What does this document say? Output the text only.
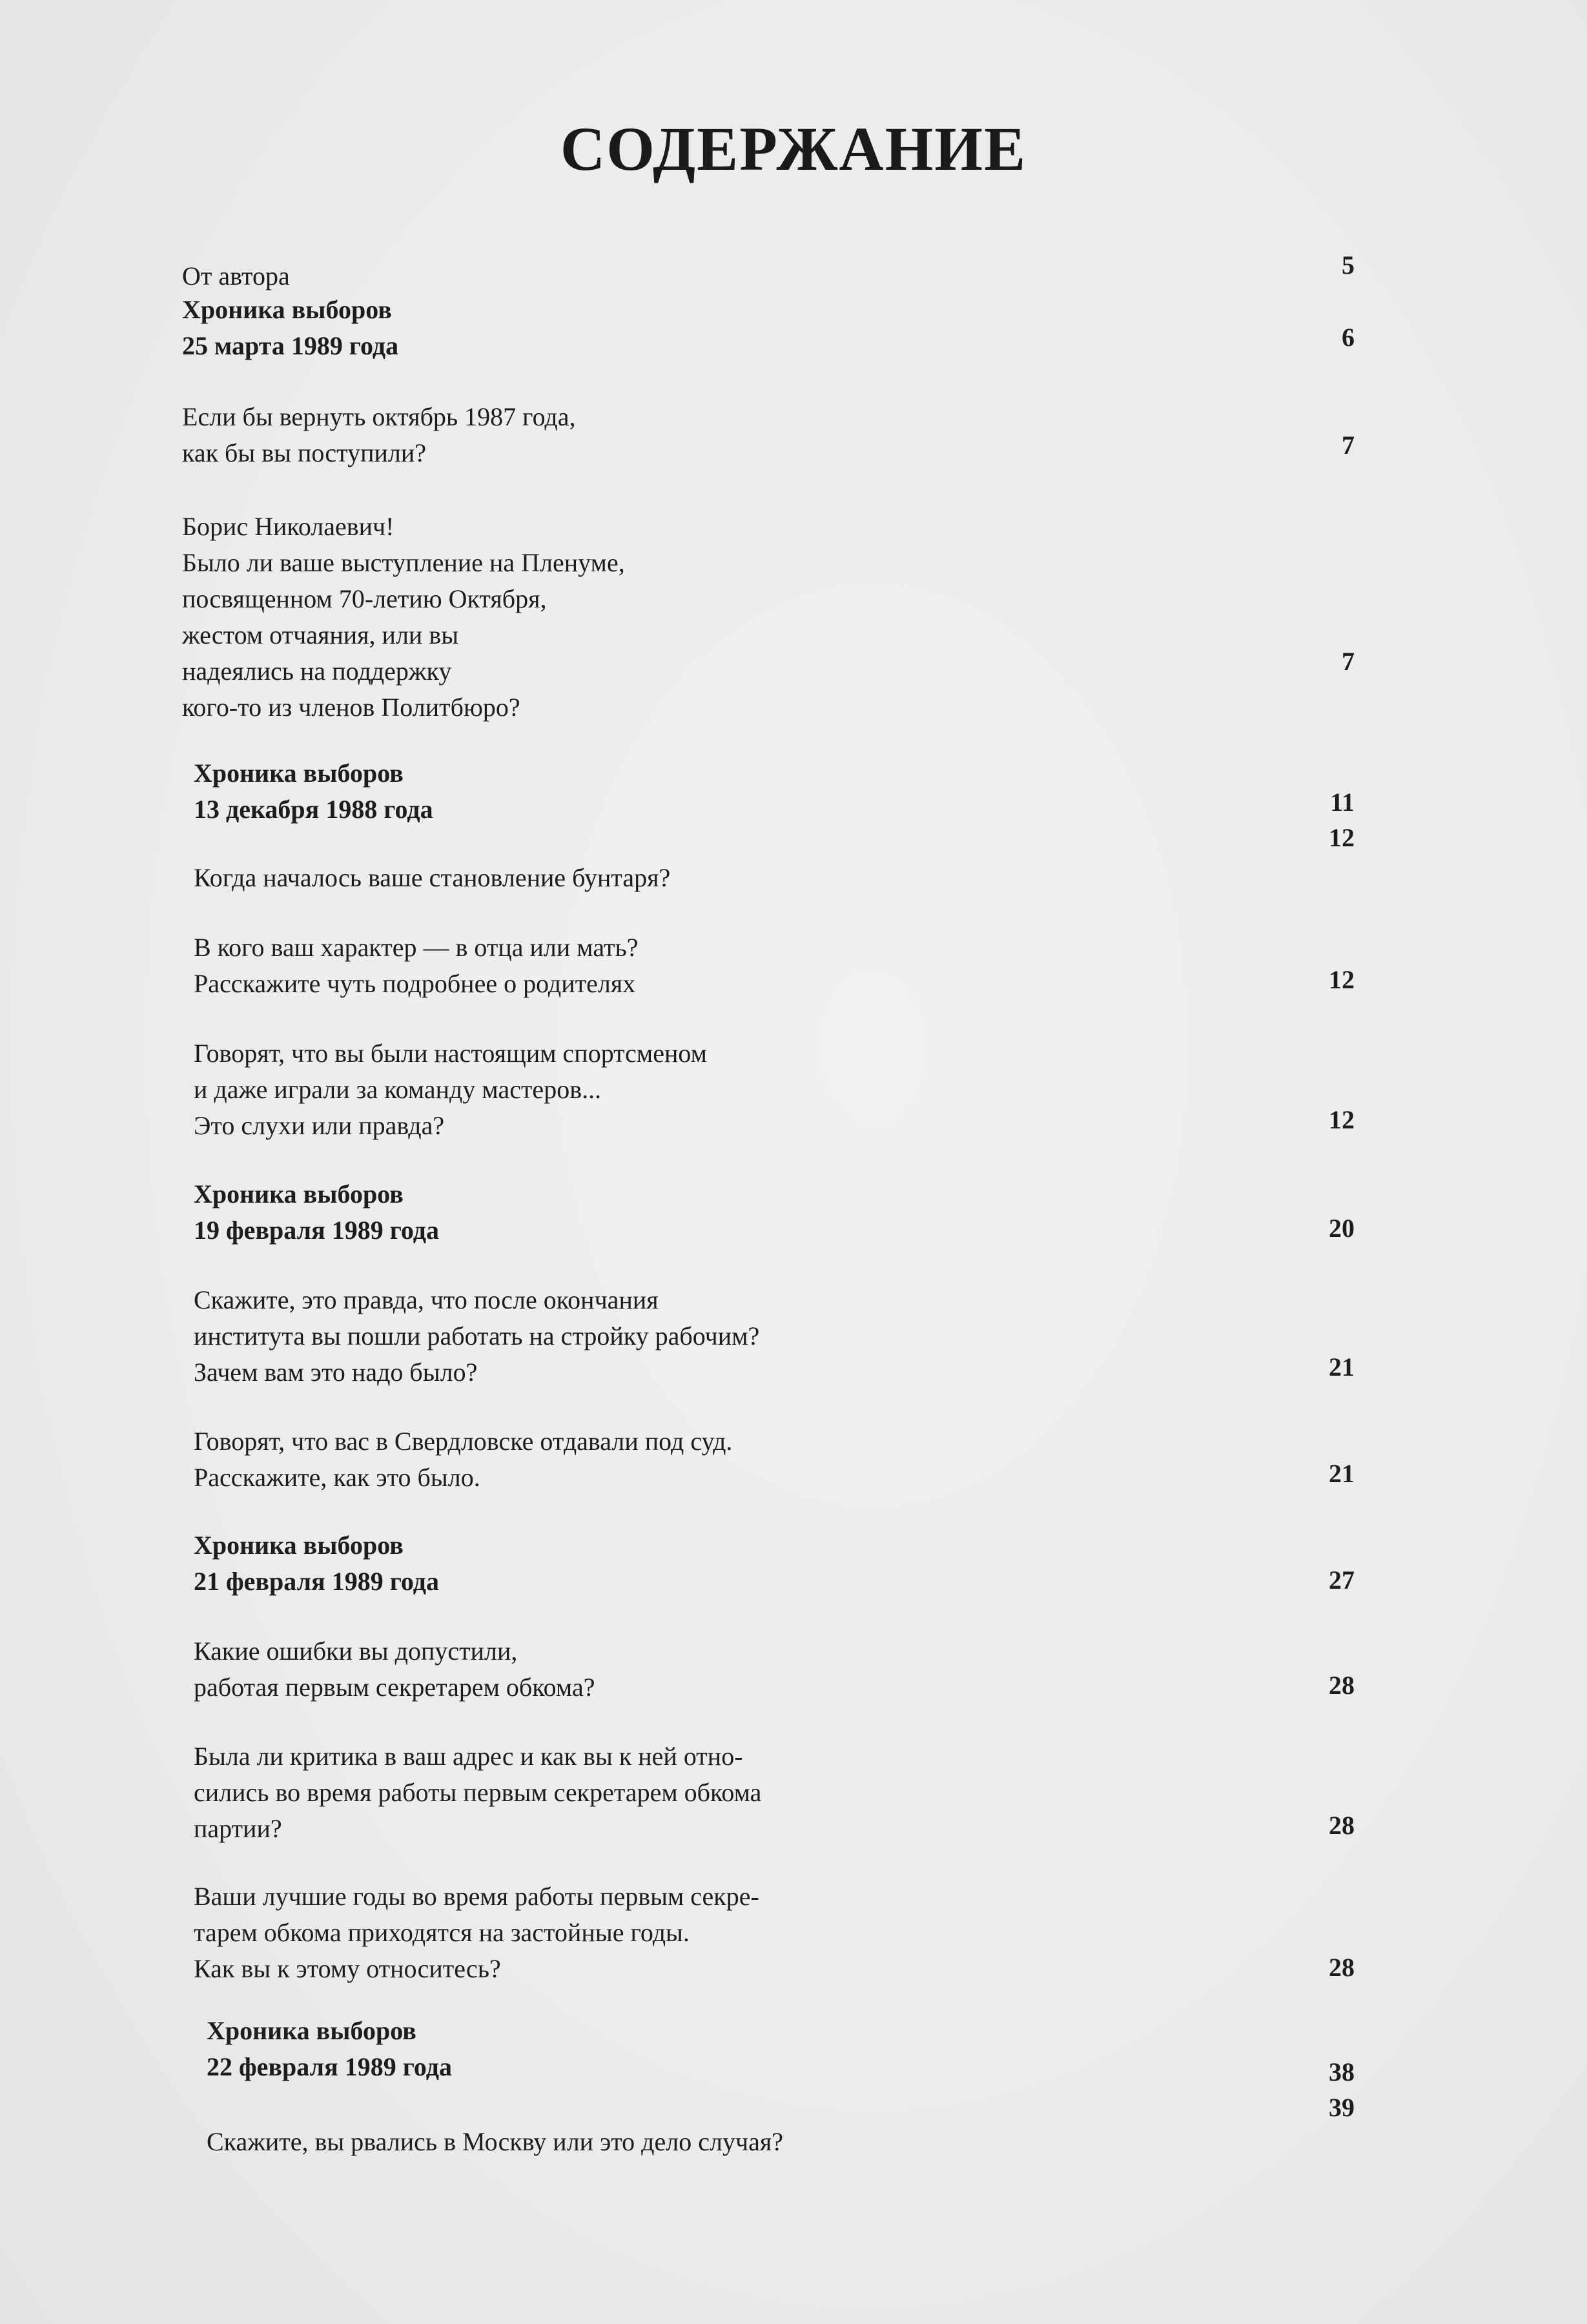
СОДЕРЖАНИЕ
От автора	5
Хроника выборов
25 марта 1989 года	6
Если бы вернуть октябрь 1987 года,
как бы вы поступили?	7
Борис Николаевич!
Было ли ваше выступление на Пленуме,
посвященном 70-летию Октября,
жестом отчаяния, или вы
надеялись на поддержку
кого-то из членов Политбюро?
7
Хроника выборов
13 декабря 1988 года	11
Когда началось ваше становление бунтаря?
12
В кого ваш характер — в отца или мать?
Расскажите чуть подробнее о родителях	12
Говорят, что вы были настоящим спортсменом
и даже играли за команду мастеров...
Это слухи или правда?	12
Хроника выборов
19 февраля 1989 года	20
Скажите, это правда, что после окончания
института вы пошли работать на стройку рабочим?
Зачем вам это надо было?	21
Говорят, что вас в Свердловске отдавали под суд.
Расскажите, как это было.	21
Хроника выборов
21 февраля 1989 года	27
Какие ошибки вы допустили,
работая первым секретарем обкома?	28
Была ли критика в ваш адрес и как вы к ней отно-
сились во время работы первым секретарем обкома
партии?	28
Ваши лучшие годы во время работы первым секре-
тарем обкома приходятся на застойные годы.
Как вы к этому относитесь?	28
Хроника выборов
22 февраля 1989 года	38
Скажите, вы рвались в Москву или это дело случая?
39
